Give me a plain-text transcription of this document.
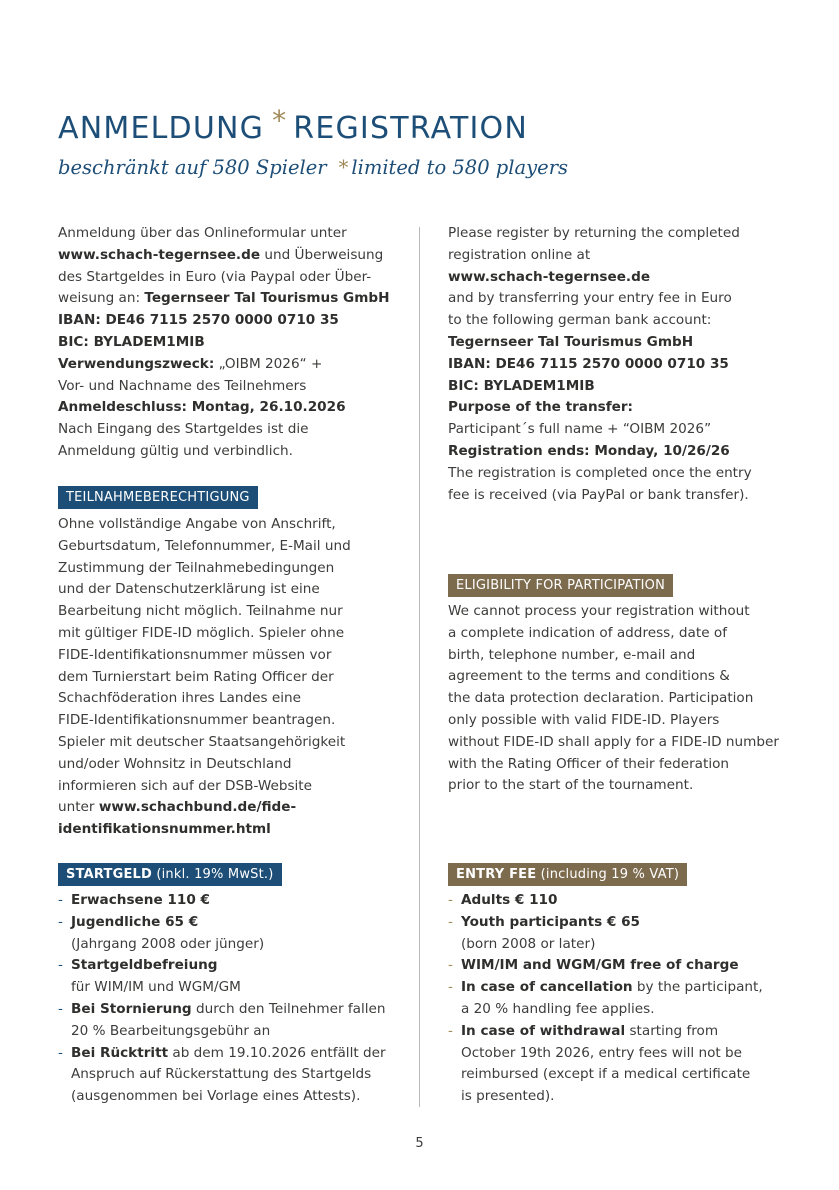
ANMELDUNG * REGISTRATION

beschränkt auf 580 Spieler * limited to 580 players

Anmeldung über das Onlineformular unter
www.schach-tegernsee.de und Überweisung
des Startgeldes in Euro (via Paypal oder Über-
weisung an: Tegernseer Tal Tourismus GmbH
IBAN: DE46 7115 2570 0000 0710 35
BIC: BYLADEM1MIB
Verwendungszweck: „OIBM 2026“ +
Vor- und Nachname des Teilnehmers
Anmeldeschluss: Montag, 26.10.2026
Nach Eingang des Startgeldes ist die
Anmeldung gültig und verbindlich.
TEILNAHMEBERECHTIGUNG
Ohne vollständige Angabe von Anschrift,
Geburtsdatum, Telefonnummer, E-Mail und
Zustimmung der Teilnahmebedingungen
und der Datenschutzerklärung ist eine
Bearbeitung nicht möglich. Teilnahme nur
mit gültiger FIDE-ID möglich. Spieler ohne
FIDE-Identifikationsnummer müssen vor
dem Turnierstart beim Rating Officer der
Schachföderation ihres Landes eine
FIDE-Identifikationsnummer beantragen.
Spieler mit deutscher Staatsangehörigkeit
und/oder Wohnsitz in Deutschland
informieren sich auf der DSB-Website
unter www.schachbund.de/fide-
identifikationsnummer.html
STARTGELD (inkl. 19% MwSt.)
- Erwachsene 110 €
- Jugendliche 65 €
(Jahrgang 2008 oder jünger)
- Startgeldbefreiung
für WIM/IM und WGM/GM
- Bei Stornierung durch den Teilnehmer fallen
20 % Bearbeitungsgebühr an
- Bei Rücktritt ab dem 19.10.2026 entfällt der
Anspruch auf Rückerstattung des Startgelds
(ausgenommen bei Vorlage eines Attests).
Please register by returning the completed
registration online at
www.schach-tegernsee.de
and by transferring your entry fee in Euro
to the following german bank account:
Tegernseer Tal Tourismus GmbH
IBAN: DE46 7115 2570 0000 0710 35
BIC: BYLADEM1MIB
Purpose of the transfer:
Participant´s full name + “OIBM 2026”
Registration ends: Monday, 10/26/26
The registration is completed once the entry
fee is received (via PayPal or bank transfer).
ELIGIBILITY FOR PARTICIPATION
We cannot process your registration without
a complete indication of address, date of
birth, telephone number, e-mail and
agreement to the terms and conditions &
the data protection declaration. Participation
only possible with valid FIDE-ID. Players
without FIDE-ID shall apply for a FIDE-ID number
with the Rating Officer of their federation
prior to the start of the tournament.
ENTRY FEE (including 19 % VAT)
- Adults € 110
- Youth participants € 65
(born 2008 or later)
- WIM/IM and WGM/GM free of charge
- In case of cancellation by the participant,
a 20 % handling fee applies.
- In case of withdrawal starting from
October 19th 2026, entry fees will not be
reimbursed (except if a medical certificate
is presented).
5
